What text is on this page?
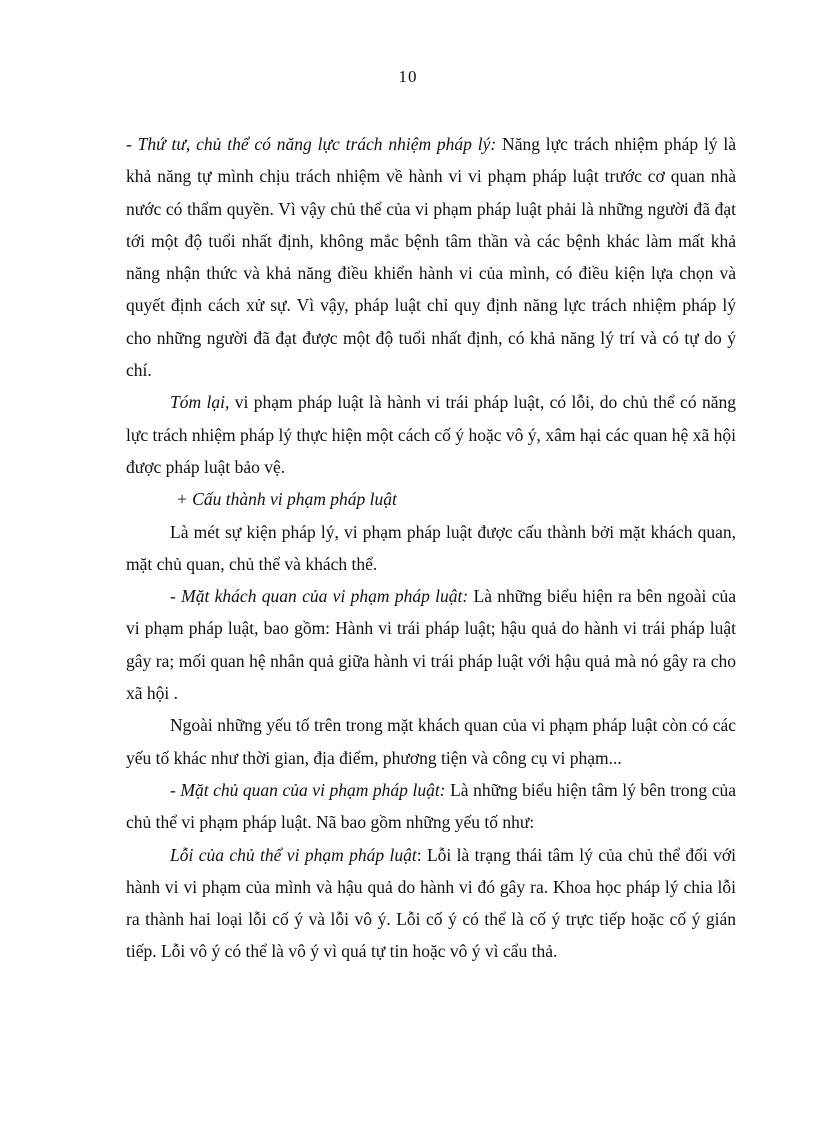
10

- Thứ tư, chủ thể có năng lực trách nhiệm pháp lý: Năng lực trách nhiệm pháp lý là khả năng tự mình chịu trách nhiệm về hành vi vi phạm pháp luật trước cơ quan nhà nước có thẩm quyền. Vì vậy chủ thể của vi phạm pháp luật phải là những người đã đạt tới một độ tuổi nhất định, không mắc bệnh tâm thần và các bệnh khác làm mất khả năng nhận thức và khả năng điều khiển hành vi của mình, có điều kiện lựa chọn và quyết định cách xử sự. Vì vậy, pháp luật chỉ quy định năng lực trách nhiệm pháp lý cho những người đã đạt được một độ tuổi nhất định, có khả năng lý trí và có tự do ý chí.

Tóm lại, vi phạm pháp luật là hành vi trái pháp luật, có lỗi, do chủ thể có năng lực trách nhiệm pháp lý thực hiện một cách cố ý hoặc vô ý, xâm hại các quan hệ xã hội được pháp luật bảo vệ.

+ Cấu thành vi phạm pháp luật

Là mét sự kiện pháp lý, vi phạm pháp luật được cấu thành bởi mặt khách quan, mặt chủ quan, chủ thể và khách thể.

- Mặt khách quan của vi phạm pháp luật: Là những biểu hiện ra bên ngoài của vi phạm pháp luật, bao gồm: Hành vi trái pháp luật; hậu quả do hành vi trái pháp luật gây ra; mối quan hệ nhân quả giữa hành vi trái pháp luật với hậu quả mà nó gây ra cho xã hội .

Ngoài những yếu tố trên trong mặt khách quan của vi phạm pháp luật còn có các yếu tố khác như thời gian, địa điểm, phương tiện và công cụ vi phạm...

- Mặt chủ quan của vi phạm pháp luật: Là những biểu hiện tâm lý bên trong của chủ thể vi phạm pháp luật. Nã bao gồm những yếu tố như:

Lỗi của chủ thể vi phạm pháp luật: Lỗi là trạng thái tâm lý của chủ thể đối với hành vi vi phạm của mình và hậu quả do hành vi đó gây ra. Khoa học pháp lý chia lỗi ra thành hai loại lỗi cố ý và lỗi vô ý. Lỗi cố ý có thể là cố ý trực tiếp hoặc cố ý gián tiếp. Lỗi vô ý có thể là vô ý vì quá tự tin hoặc vô ý vì cẩu thả.
